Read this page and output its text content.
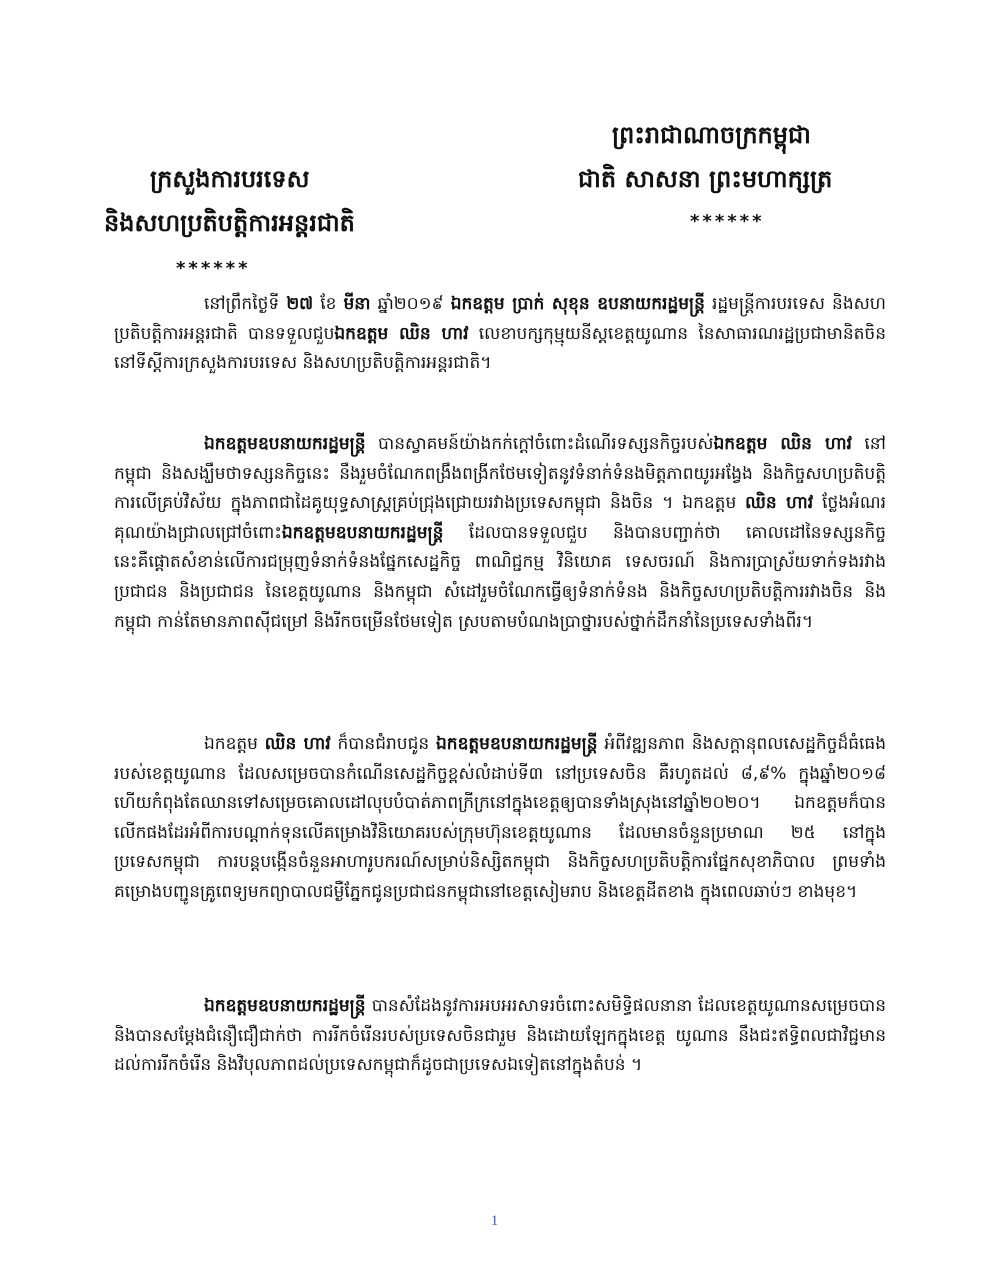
ព្រះរាជាណាចក្រកម្ពុជា
ជាតិ សាសនា ព្រះមហាក្សត្រ
******
ក្រសួងការបរទេស
និងសហប្រតិបត្តិការអន្តរជាតិ
******

នៅព្រឹកថ្ងៃទី ២៧ ខែ មីនា ឆ្នាំ២០១៩ ឯកឧត្តម ប្រាក់ សុខុន ឧបនាយករដ្ឋមន្ត្រី រដ្ឋមន្ត្រីការបរទេស និងសហប្រតិបត្តិការអន្តរជាតិ បានទទួលជួបឯកឧត្តម ឈិន ហាវ លេខាបក្សកុម្មុយនីស្តខេត្តយូណាន នៃសាធារណរដ្ឋប្រជាមានិតចិន នៅទីស្តីការក្រសួងការបរទេស និងសហប្រតិបត្តិការអន្តរជាតិ។

ឯកឧត្តមឧបនាយករដ្ឋមន្ត្រី បានស្វាគមន៍យ៉ាងកក់ក្តៅចំពោះដំណើរទស្សនកិច្ចរបស់ឯកឧត្តម ឈិន ហាវ នៅកម្ពុជា និងសង្ឃឹមថាទស្សនកិច្ចនេះ នឹងរួមចំណែកពង្រឹងពង្រីកថែមទៀតនូវទំនាក់ទំនងមិត្តភាពយូរអង្វែង និងកិច្ចសហប្រតិបត្តិការលើគ្រប់វិស័យ ក្នុងភាពជាដៃគូយុទ្ធសាស្ត្រគ្រប់ជ្រុងជ្រោយរវាងប្រទេសកម្ពុជា និងចិន ។ ឯកឧត្តម ឈិន ហាវ ថ្លែងអំណរគុណយ៉ាងជ្រាលជ្រៅចំពោះឯកឧត្តមឧបនាយករដ្ឋមន្ត្រី ដែលបានទទួលជួប និងបានបញ្ជាក់ថា គោលដៅនៃទស្សនកិច្ចនេះគឺផ្តោតសំខាន់លើការជម្រុញទំនាក់ទំនងផ្នែកសេដ្ឋកិច្ច ពាណិជ្ជកម្ម វិនិយោគ ទេសចរណ៍ និងការប្រាស្រ័យទាក់ទងរវាងប្រជាជន និងប្រជាជន នៃខេត្តយូណាន និងកម្ពុជា សំដៅរួមចំណែកធ្វើឲ្យទំនាក់ទំនង និងកិច្ចសហប្រតិបត្តិការរវាងចិន និងកម្ពុជា កាន់តែមានភាពស៊ីជម្រៅ និងរីកចម្រើនថែមទៀត ស្របតាមបំណងប្រាថ្នារបស់ថ្នាក់ដឹកនាំនៃប្រទេសទាំងពីរ។

ឯកឧត្តម ឈិន ហាវ ក៏បានជំរាបជូន ឯកឧត្តមឧបនាយករដ្ឋមន្ត្រី អំពីវឌ្ឍនភាព និងសក្តានុពលសេដ្ឋកិច្ចដ៏ធំធេងរបស់ខេត្តយូណាន ដែលសម្រេចបានកំណើនសេដ្ឋកិច្ចខ្ពស់លំដាប់ទី៣ នៅប្រទេសចិន គឺរហូតដល់ ៨,៩% ក្នុងឆ្នាំ២០១៨ ហើយកំពុងតែឈានទៅសម្រេចគោលដៅលុបបំបាត់ភាពក្រីក្រនៅក្នុងខេត្តឲ្យបានទាំងស្រុងនៅឆ្នាំ២០២០។ ឯកឧត្តមក៏បានលើកផងដែរអំពីការបណ្តាក់ទុនលើគម្រោងវិនិយោគរបស់ក្រុមហ៊ុនខេត្តយូណាន ដែលមានចំនួនប្រមាណ ២៥ នៅក្នុងប្រទេសកម្ពុជា ការបន្តបង្កើនចំនួនអាហារូបករណ៍សម្រាប់និស្សិតកម្ពុជា និងកិច្ចសហប្រតិបត្តិការផ្នែកសុខាភិបាល ព្រមទាំងគម្រោងបញ្ជូនគ្រូពេទ្យមកព្យាបាលជម្ងឺភ្នែកជូនប្រជាជនកម្ពុជានៅខេត្តសៀមរាប និងខេត្តដីតខាង ក្នុងពេលឆាប់ៗ ខាងមុខ។

ឯកឧត្តមឧបនាយករដ្ឋមន្ត្រី បានសំដែងនូវការអបអរសាទរចំពោះសមិទ្ធិផលនានា ដែលខេត្តយូណានសម្រេចបាន និងបានសម្តែងជំនឿជឿជាក់ថា ការរីកចំរើនរបស់ប្រទេសចិនជារួម និងដោយឡែកក្នុងខេត្ត យូណាន នឹងជះឥទ្ធិពលជាវិជ្ជមានដល់ការរីកចំរើន និងវិបុលភាពដល់ប្រទេសកម្ពុជាក៏ដូចជាប្រទេសឯទៀតនៅក្នុងតំបន់ ។

1
